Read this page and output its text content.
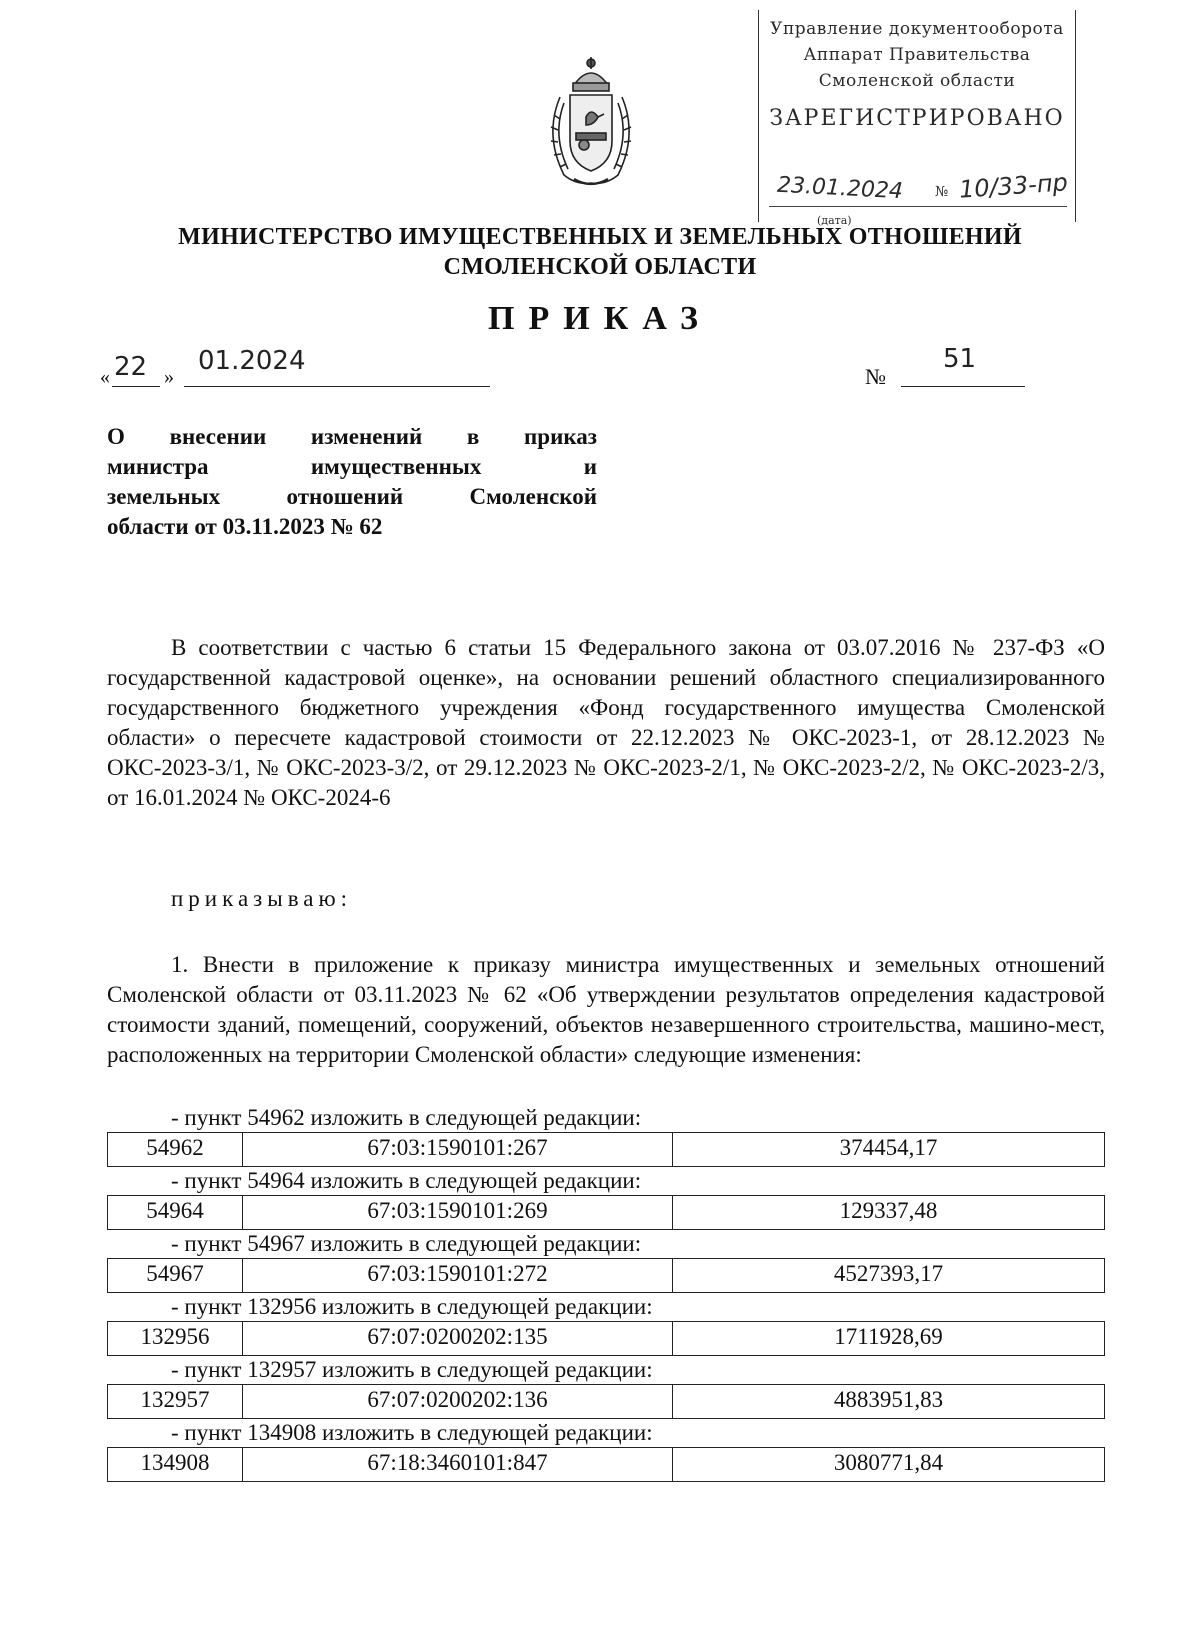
Управление документооборота
Аппарат Правительства
Смоленской области
ЗАРЕГИСТРИРОВАНО
23.01.2024 № 10/33-пр
(дата)
МИНИСТЕРСТВО ИМУЩЕСТВЕННЫХ И ЗЕМЕЛЬНЫХ ОТНОШЕНИЙ
СМОЛЕНСКОЙ ОБЛАСТИ
ПРИКАЗ
« 22 »
01.2024
№
51
О внесении изменений в приказ
министра имущественных и
земельных отношений Смоленской
области от 03.11.2023 № 62
В соответствии с частью 6 статьи 15 Федерального закона от 03.07.2016 № 237-ФЗ «О государственной кадастровой оценке», на основании решений областного специализированного государственного бюджетного учреждения «Фонд государственного имущества Смоленской области» о пересчете кадастровой стоимости от 22.12.2023 № ОКС-2023-1, от 28.12.2023 № ОКС-2023-3/1, № ОКС-2023-3/2, от 29.12.2023 № ОКС-2023-2/1, № ОКС-2023-2/2, № ОКС-2023-2/3, от 16.01.2024 № ОКС-2024-6
приказываю:
1. Внести в приложение к приказу министра имущественных и земельных отношений Смоленской области от 03.11.2023 № 62 «Об утверждении результатов определения кадастровой стоимости зданий, помещений, сооружений, объектов незавершенного строительства, машино-мест, расположенных на территории Смоленской области» следующие изменения:
- пункт 54962 изложить в следующей редакции:
54962	67:03:1590101:267	374454,17
- пункт 54964 изложить в следующей редакции:
54964	67:03:1590101:269	129337,48
- пункт 54967 изложить в следующей редакции:
54967	67:03:1590101:272	4527393,17
- пункт 132956 изложить в следующей редакции:
132956	67:07:0200202:135	1711928,69
- пункт 132957 изложить в следующей редакции:
132957	67:07:0200202:136	4883951,83
- пункт 134908 изложить в следующей редакции:
134908	67:18:3460101:847	3080771,84
